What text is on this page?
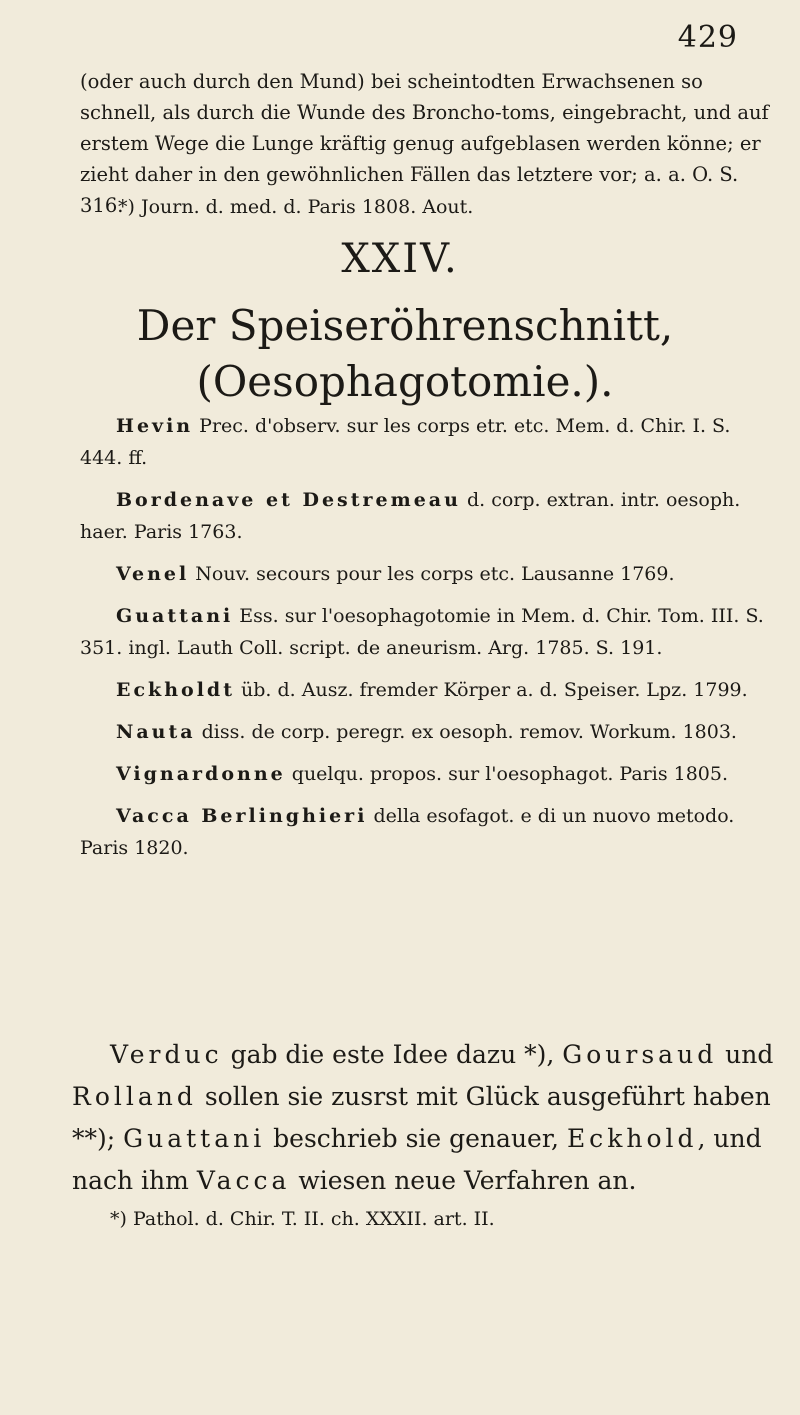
429
(oder auch durch den Mund) bei scheintodten Erwachsenen so schnell, als durch die Wunde des Broncho-toms, eingebracht, und auf erstem Wege die Lunge kräftig genug aufgeblasen werden könne; er zieht daher in den gewöhnlichen Fällen das letztere vor; a. a. O. S. 316.
*) Journ. d. med. d. Paris 1808. Aout.
XXIV.
Der Speiseröhrenschnitt, (Oesophagotomie.).

Hevin Prec. d'observ. sur les corps etr. etc. Mem. d. Chir. I. S. 444. ff.

Bordenave et Destremeau d. corp. extran. intr. oesoph. haer. Paris 1763.

Venel Nouv. secours pour les corps etc. Lausanne 1769.

Guattani Ess. sur l'oesophagotomie in Mem. d. Chir. Tom. III. S. 351. ingl. Lauth Coll. script. de aneurism. Arg. 1785. S. 191.

Eckholdt üb. d. Ausz. fremder Körper a. d. Speiser. Lpz. 1799.

Nauta diss. de corp. peregr. ex oesoph. remov. Workum. 1803.

Vignardonne quelqu. propos. sur l'oesophagot. Paris 1805.

Vacca Berlinghieri della esofagot. e di un nuovo metodo. Paris 1820.

Verduc gab die este Idee dazu *), Goursaud und Rolland sollen sie zusrst mit Glück ausgeführt haben **); Guattani beschrieb sie genauer, Eckhold, und nach ihm Vacca wiesen neue Verfahren an.

*) Pathol. d. Chir. T. II. ch. XXXII. art. II.
